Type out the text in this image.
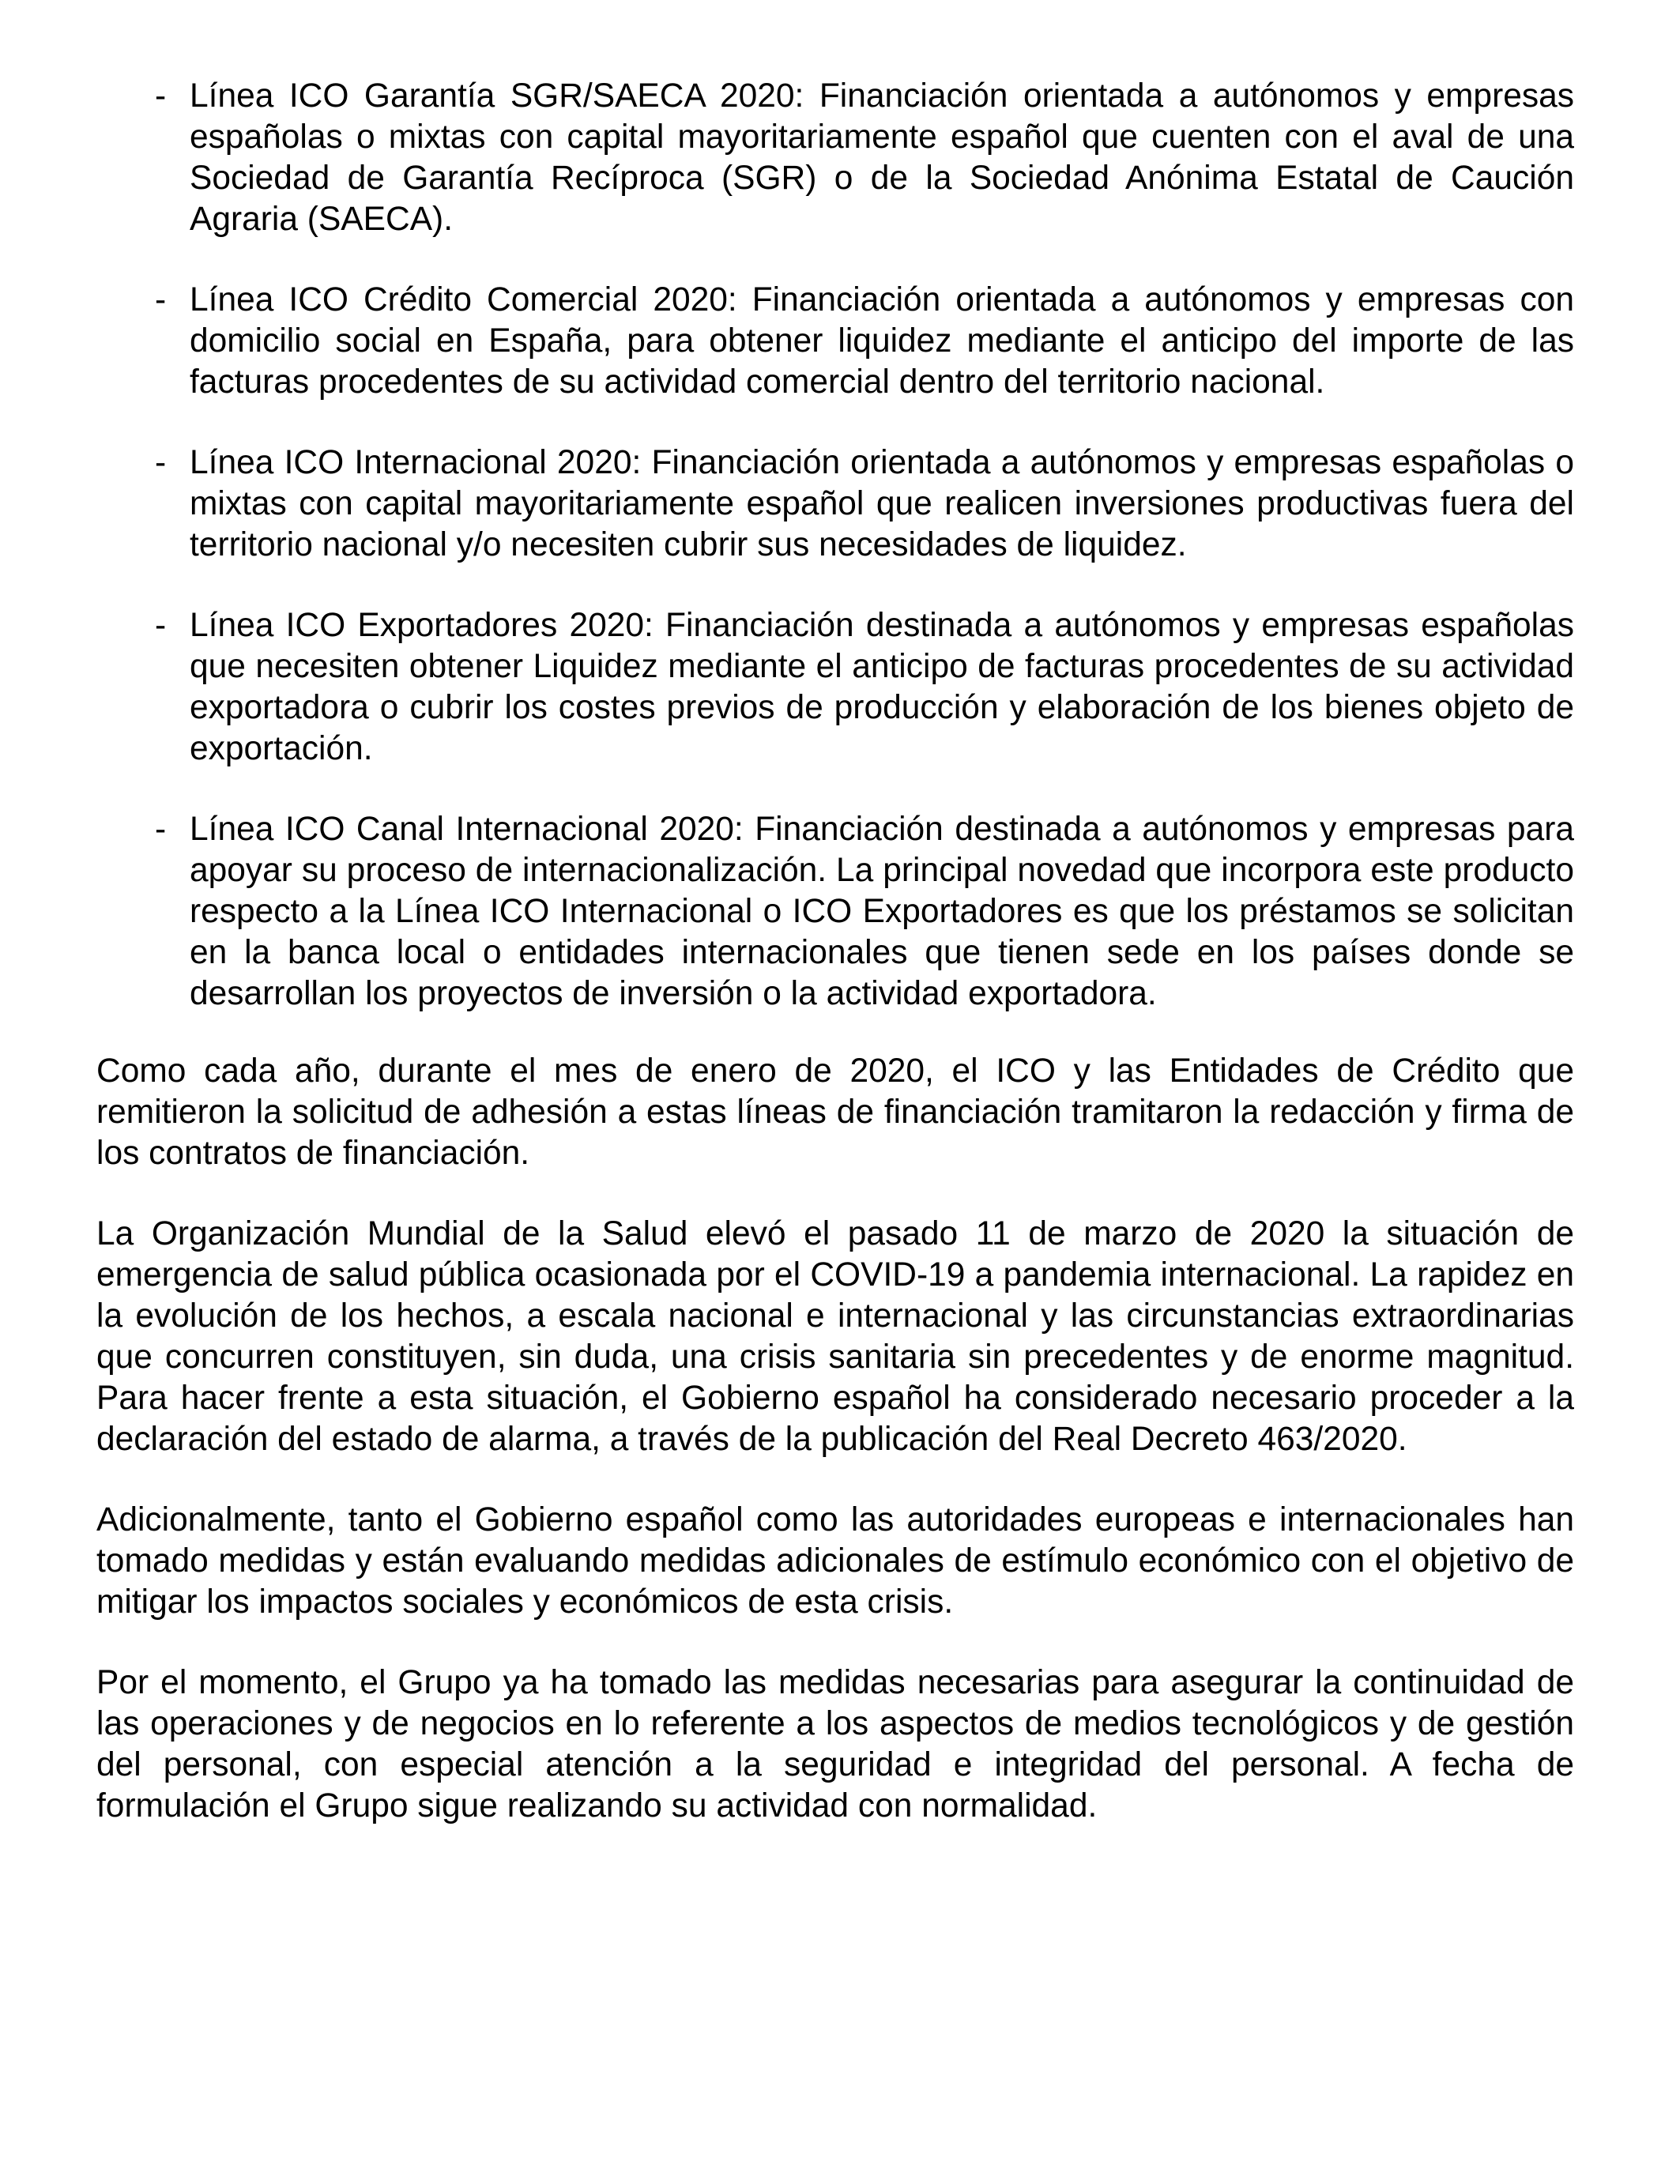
- Línea ICO Garantía SGR/SAECA 2020: Financiación orientada a autónomos y empresas españolas o mixtas con capital mayoritariamente español que cuenten con el aval de una Sociedad de Garantía Recíproca (SGR) o de la Sociedad Anónima Estatal de Caución Agraria (SAECA).
- Línea ICO Crédito Comercial 2020: Financiación orientada a autónomos y empresas con domicilio social en España, para obtener liquidez mediante el anticipo del importe de las facturas procedentes de su actividad comercial dentro del territorio nacional.
- Línea ICO Internacional 2020: Financiación orientada a autónomos y empresas españolas o mixtas con capital mayoritariamente español que realicen inversiones productivas fuera del territorio nacional y/o necesiten cubrir sus necesidades de liquidez.
- Línea ICO Exportadores 2020: Financiación destinada a autónomos y empresas españolas que necesiten obtener Liquidez mediante el anticipo de facturas procedentes de su actividad exportadora o cubrir los costes previos de producción y elaboración de los bienes objeto de exportación.
- Línea ICO Canal Internacional 2020: Financiación destinada a autónomos y empresas para apoyar su proceso de internacionalización. La principal novedad que incorpora este producto respecto a la Línea ICO Internacional o ICO Exportadores es que los préstamos se solicitan en la banca local o entidades internacionales que tienen sede en los países donde se desarrollan los proyectos de inversión o la actividad exportadora.

Como cada año, durante el mes de enero de 2020, el ICO y las Entidades de Crédito que remitieron la solicitud de adhesión a estas líneas de financiación tramitaron la redacción y firma de los contratos de financiación.

La Organización Mundial de la Salud elevó el pasado 11 de marzo de 2020 la situación de emergencia de salud pública ocasionada por el COVID-19 a pandemia internacional. La rapidez en la evolución de los hechos, a escala nacional e internacional y las circunstancias extraordinarias que concurren constituyen, sin duda, una crisis sanitaria sin precedentes y de enorme magnitud. Para hacer frente a esta situación, el Gobierno español ha considerado necesario proceder a la declaración del estado de alarma, a través de la publicación del Real Decreto 463/2020.

Adicionalmente, tanto el Gobierno español como las autoridades europeas e internacionales han tomado medidas y están evaluando medidas adicionales de estímulo económico con el objetivo de mitigar los impactos sociales y económicos de esta crisis.

Por el momento, el Grupo ya ha tomado las medidas necesarias para asegurar la continuidad de las operaciones y de negocios en lo referente a los aspectos de medios tecnológicos y de gestión del personal, con especial atención a la seguridad e integridad del personal. A fecha de formulación el Grupo sigue realizando su actividad con normalidad.
